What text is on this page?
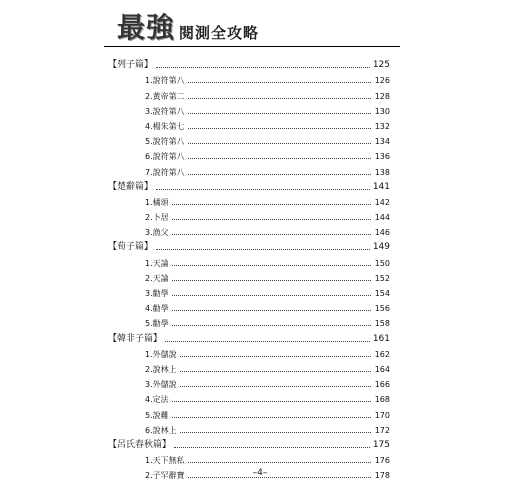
最強 閱測全攻略
【列子篇】	125
1.說符第八	126
2.黃帝第二	128
3.說符第八	130
4.楊朱第七	132
5.說符第八	134
6.說符第八	136
7.說符第八	138
【楚辭篇】	141
1.橘頌	142
2.卜居	144
3.漁父	146
【荀子篇】	149
1.天論	150
2.天論	152
3.勸學	154
4.勸學	156
5.勸學	158
【韓非子篇】	161
1.外儲說	162
2.說林上	164
3.外儲說	166
4.定法	168
5.說難	170
6.說林上	172
【呂氏春秋篇】	175
1.天下無私	176
2.子罕辭寶	178
–4–
